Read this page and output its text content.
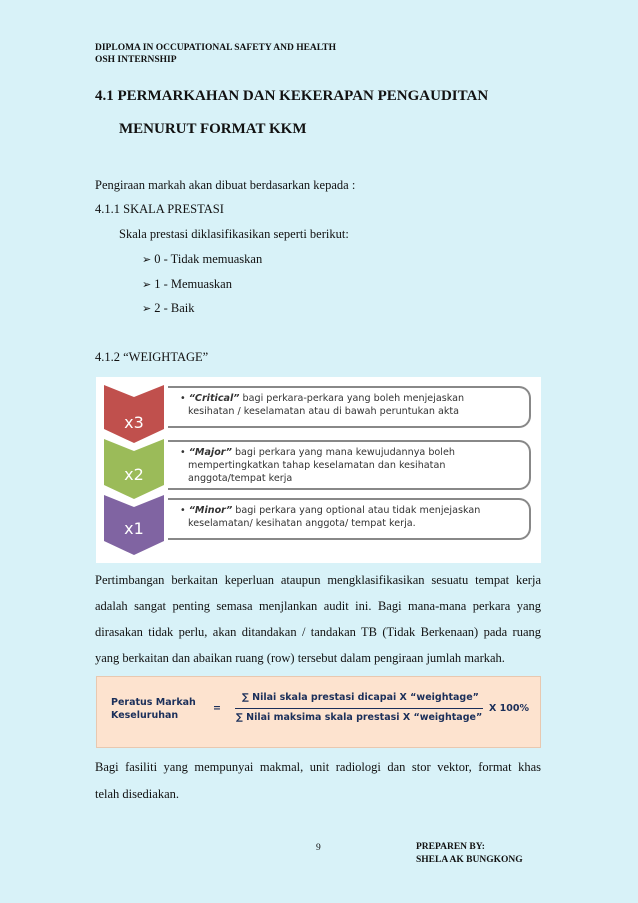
DIPLOMA IN OCCUPATIONAL SAFETY AND HEALTH
OSH INTERNSHIP
4.1 PERMARKAHAN DAN KEKERAPAN PENGAUDITAN
MENURUT FORMAT KKM
Pengiraan markah akan dibuat berdasarkan kepada :
4.1.1 SKALA PRESTASI
Skala prestasi diklasifikasikan seperti berikut:
➢ 0 - Tidak memuaskan
➢ 1 - Memuaskan
➢ 2 - Baik
4.1.2 “WEIGHTAGE”
x3
• “Critical” bagi perkara-perkara yang boleh menjejaskan
kesihatan / keselamatan atau di bawah peruntukan akta
x2
• “Major” bagi perkara yang mana kewujudannya boleh
mempertingkatkan tahap keselamatan dan kesihatan
anggota/tempat kerja
x1
• “Minor” bagi perkara yang optional atau tidak menjejaskan
keselamatan/ kesihatan anggota/ tempat kerja.
Pertimbangan berkaitan keperluan ataupun mengklasifikasikan sesuatu tempat kerja
adalah sangat penting semasa menjlankan audit ini. Bagi mana-mana perkara yang
dirasakan tidak perlu, akan ditandakan / tandakan TB (Tidak Berkenaan) pada ruang
yang berkaitan dan abaikan ruang (row) tersebut dalam pengiraan jumlah markah.
Peratus Markah
Keseluruhan
=
∑ Nilai skala prestasi dicapai X “weightage”
∑ Nilai maksima skala prestasi X “weightage”
X 100%
Bagi fasiliti yang mempunyai makmal, unit radiologi dan stor vektor, format khas
telah disediakan.
9	PREPAREN BY:
SHELA AK BUNGKONG
